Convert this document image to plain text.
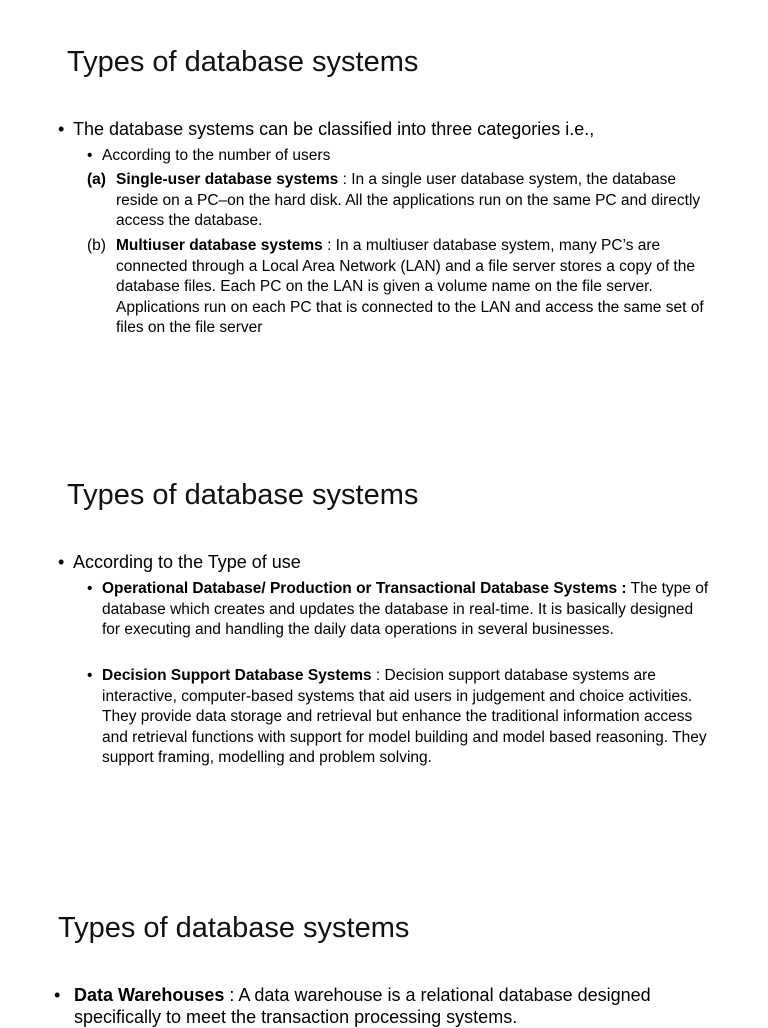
Types of database systems
• The database systems can be classified into three categories i.e.,
• According to the number of users
(a) Single-user database systems : In a single user database system, the database reside on a PC–on the hard disk. All the applications run on the same PC and directly access the database.
(b) Multiuser database systems : In a multiuser database system, many PC’s are connected through a Local Area Network (LAN) and a file server stores a copy of the database files. Each PC on the LAN is given a volume name on the file server. Applications run on each PC that is connected to the LAN and access the same set of files on the file server
Types of database systems
• According to the Type of use
• Operational Database/ Production or Transactional Database Systems : The type of database which creates and updates the database in real-time. It is basically designed for executing and handling the daily data operations in several businesses.
• Decision Support Database Systems : Decision support database systems are interactive, computer-based systems that aid users in judgement and choice activities. They provide data storage and retrieval but enhance the traditional information access and retrieval functions with support for model building and model based reasoning. They support framing, modelling and problem solving.
Types of database systems
• Data Warehouses : A data warehouse is a relational database designed specifically to meet the transaction processing systems.
